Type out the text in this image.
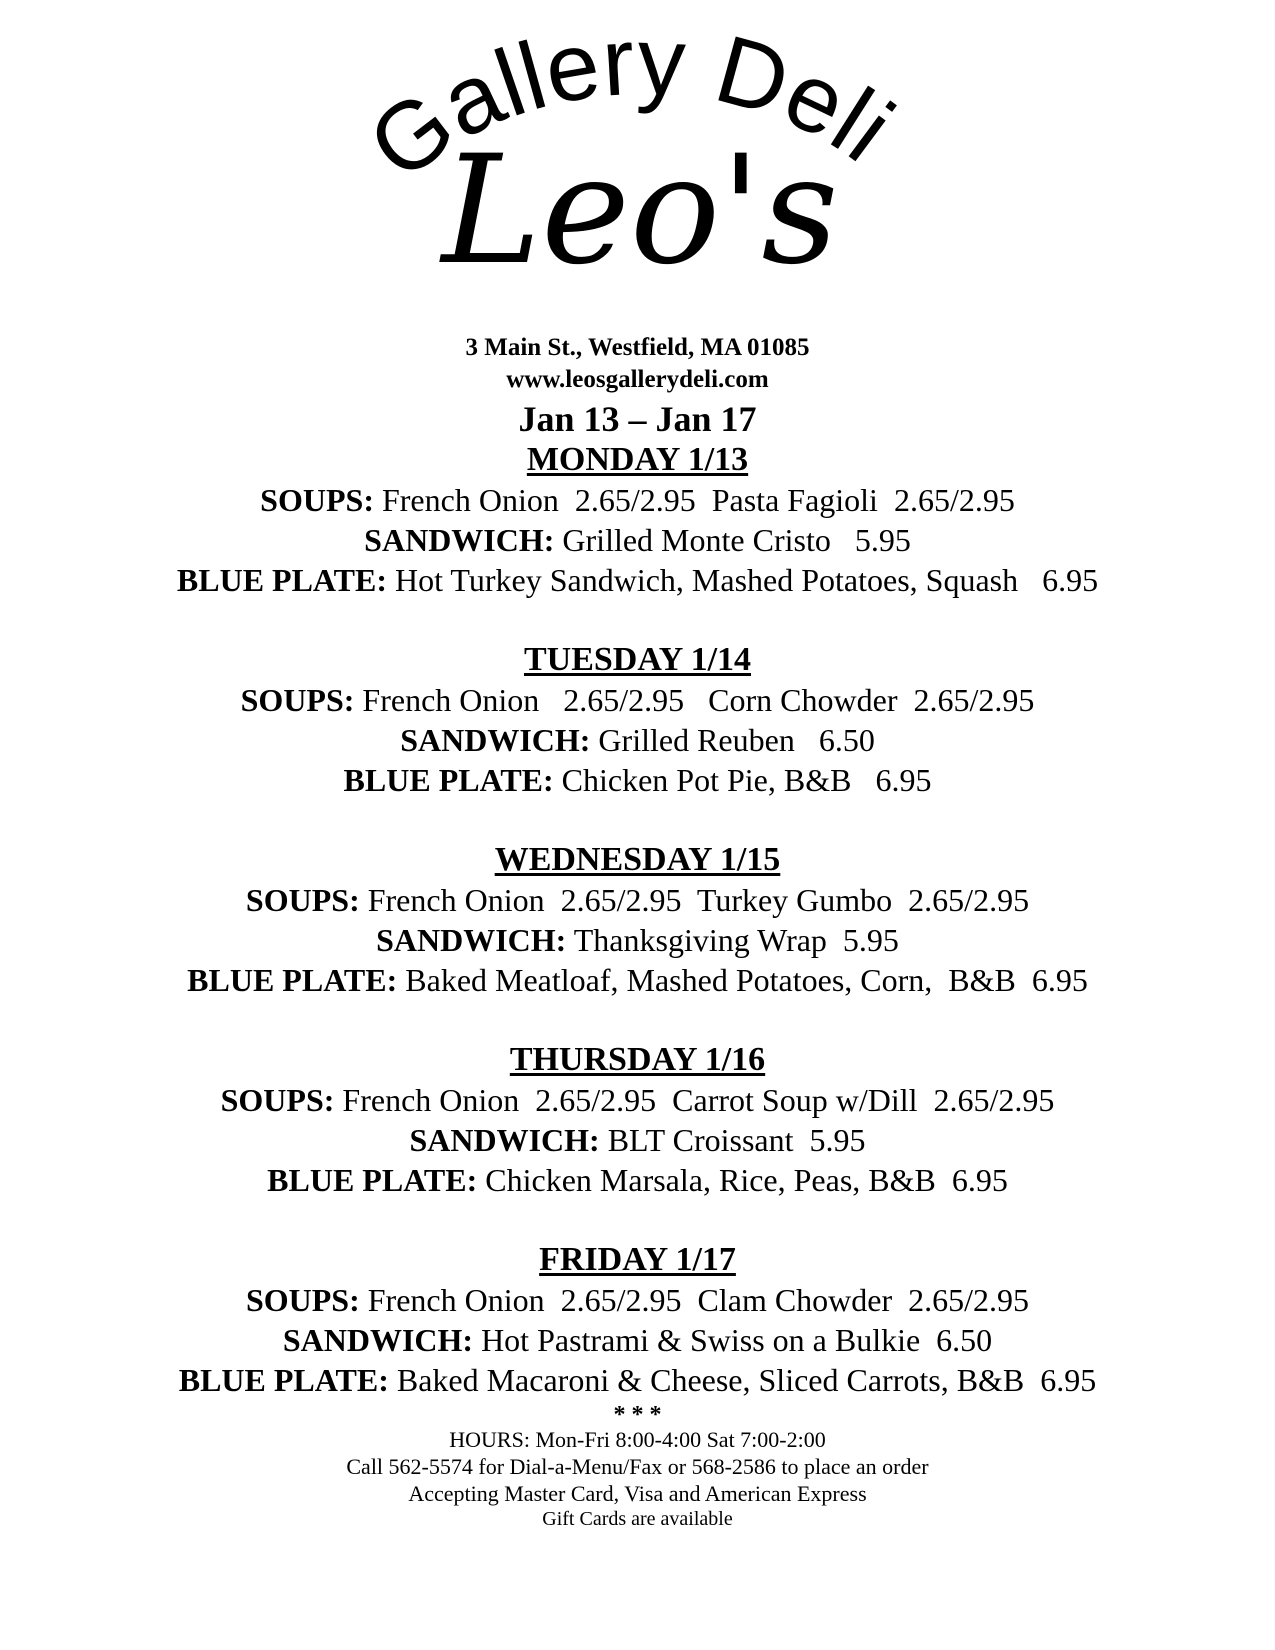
Gallery Deli
Leo's
3 Main St., Westfield, MA 01085
www.leosgallerydeli.com
Jan 13 – Jan 17
MONDAY 1/13
SOUPS: French Onion  2.65/2.95  Pasta Fagioli  2.65/2.95
SANDWICH: Grilled Monte Cristo   5.95
BLUE PLATE: Hot Turkey Sandwich, Mashed Potatoes, Squash   6.95
TUESDAY 1/14
SOUPS: French Onion   2.65/2.95   Corn Chowder  2.65/2.95
SANDWICH: Grilled Reuben   6.50
BLUE PLATE: Chicken Pot Pie, B&B   6.95
WEDNESDAY 1/15
SOUPS: French Onion  2.65/2.95  Turkey Gumbo  2.65/2.95
SANDWICH: Thanksgiving Wrap  5.95
BLUE PLATE: Baked Meatloaf, Mashed Potatoes, Corn,  B&B  6.95
THURSDAY 1/16
SOUPS: French Onion  2.65/2.95  Carrot Soup w/Dill  2.65/2.95
SANDWICH: BLT Croissant  5.95
BLUE PLATE: Chicken Marsala, Rice, Peas, B&B  6.95
FRIDAY 1/17
SOUPS: French Onion  2.65/2.95  Clam Chowder  2.65/2.95
SANDWICH: Hot Pastrami & Swiss on a Bulkie  6.50
BLUE PLATE: Baked Macaroni & Cheese, Sliced Carrots, B&B  6.95
* * *
HOURS: Mon-Fri 8:00-4:00 Sat 7:00-2:00
Call 562-5574 for Dial-a-Menu/Fax or 568-2586 to place an order
Accepting Master Card, Visa and American Express
Gift Cards are available
